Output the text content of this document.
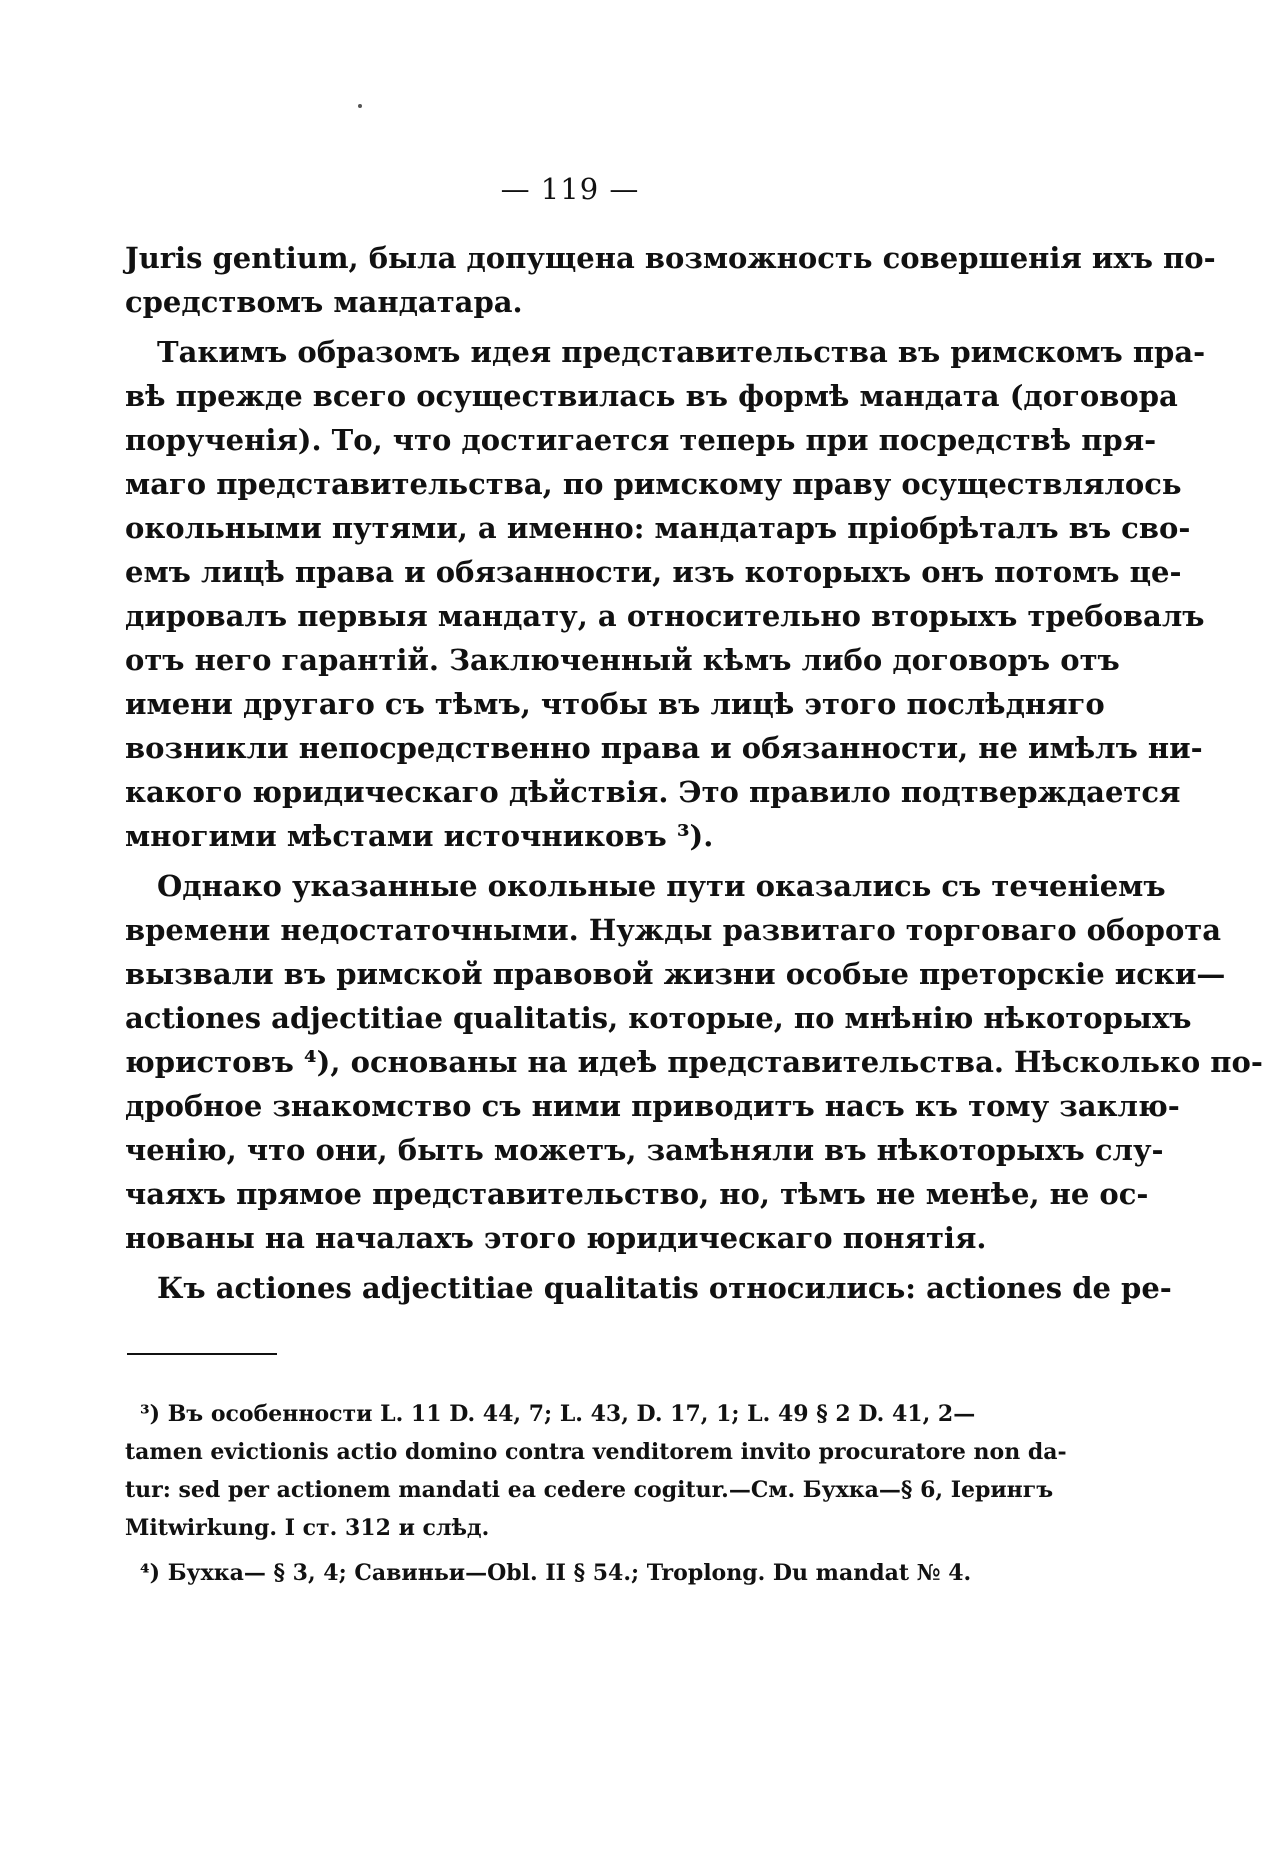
— 119 —
Juris gentium, была допущена возможность совершенія ихъ по-
средствомъ мандатара.
Такимъ образомъ идея представительства въ римскомъ пра-
вѣ прежде всего осуществилась въ формѣ мандата (договора
порученія). То, что достигается теперь при посредствѣ пря-
маго представительства, по римскому праву осуществлялось
окольными путями, а именно: мандатаръ пріобрѣталъ въ сво-
емъ лицѣ права и обязанности, изъ которыхъ онъ потомъ це-
дировалъ первыя мандату, а относительно вторыхъ требовалъ
отъ него гарантій. Заключенный кѣмъ либо договоръ отъ
имени другаго съ тѣмъ, чтобы въ лицѣ этого послѣдняго
возникли непосредственно права и обязанности, не имѣлъ ни-
какого юридическаго дѣйствія. Это правило подтверждается
многими мѣстами источниковъ ³).
Однако указанные окольные пути оказались съ теченіемъ
времени недостаточными. Нужды развитаго торговаго оборота
вызвали въ римской правовой жизни особые преторскіе иски—
actiones adjectitiae qualitatis, которые, по мнѣнію нѣкоторыхъ
юристовъ ⁴), основаны на идеѣ представительства. Нѣсколько по-
дробное знакомство съ ними приводитъ насъ къ тому заклю-
ченію, что они, быть можетъ, замѣняли въ нѣкоторыхъ слу-
чаяхъ прямое представительство, но, тѣмъ не менѣе, не ос-
нованы на началахъ этого юридическаго понятія.
Къ actiones adjectitiae qualitatis относились: actiones de pe-
³) Въ особенности L. 11 D. 44, 7; L. 43, D. 17, 1; L. 49 § 2 D. 41, 2—
tamen evictionis actio domino contra venditorem invito procuratore non da-
tur: sed per actionem mandati ea cedere cogitur.—См. Бухка—§ 6, Іерингъ
Mitwirkung. I ст. 312 и слѣд.
⁴) Бухка— § 3, 4; Савиньи—Obl. II § 54.; Troplong. Du mandat № 4.
